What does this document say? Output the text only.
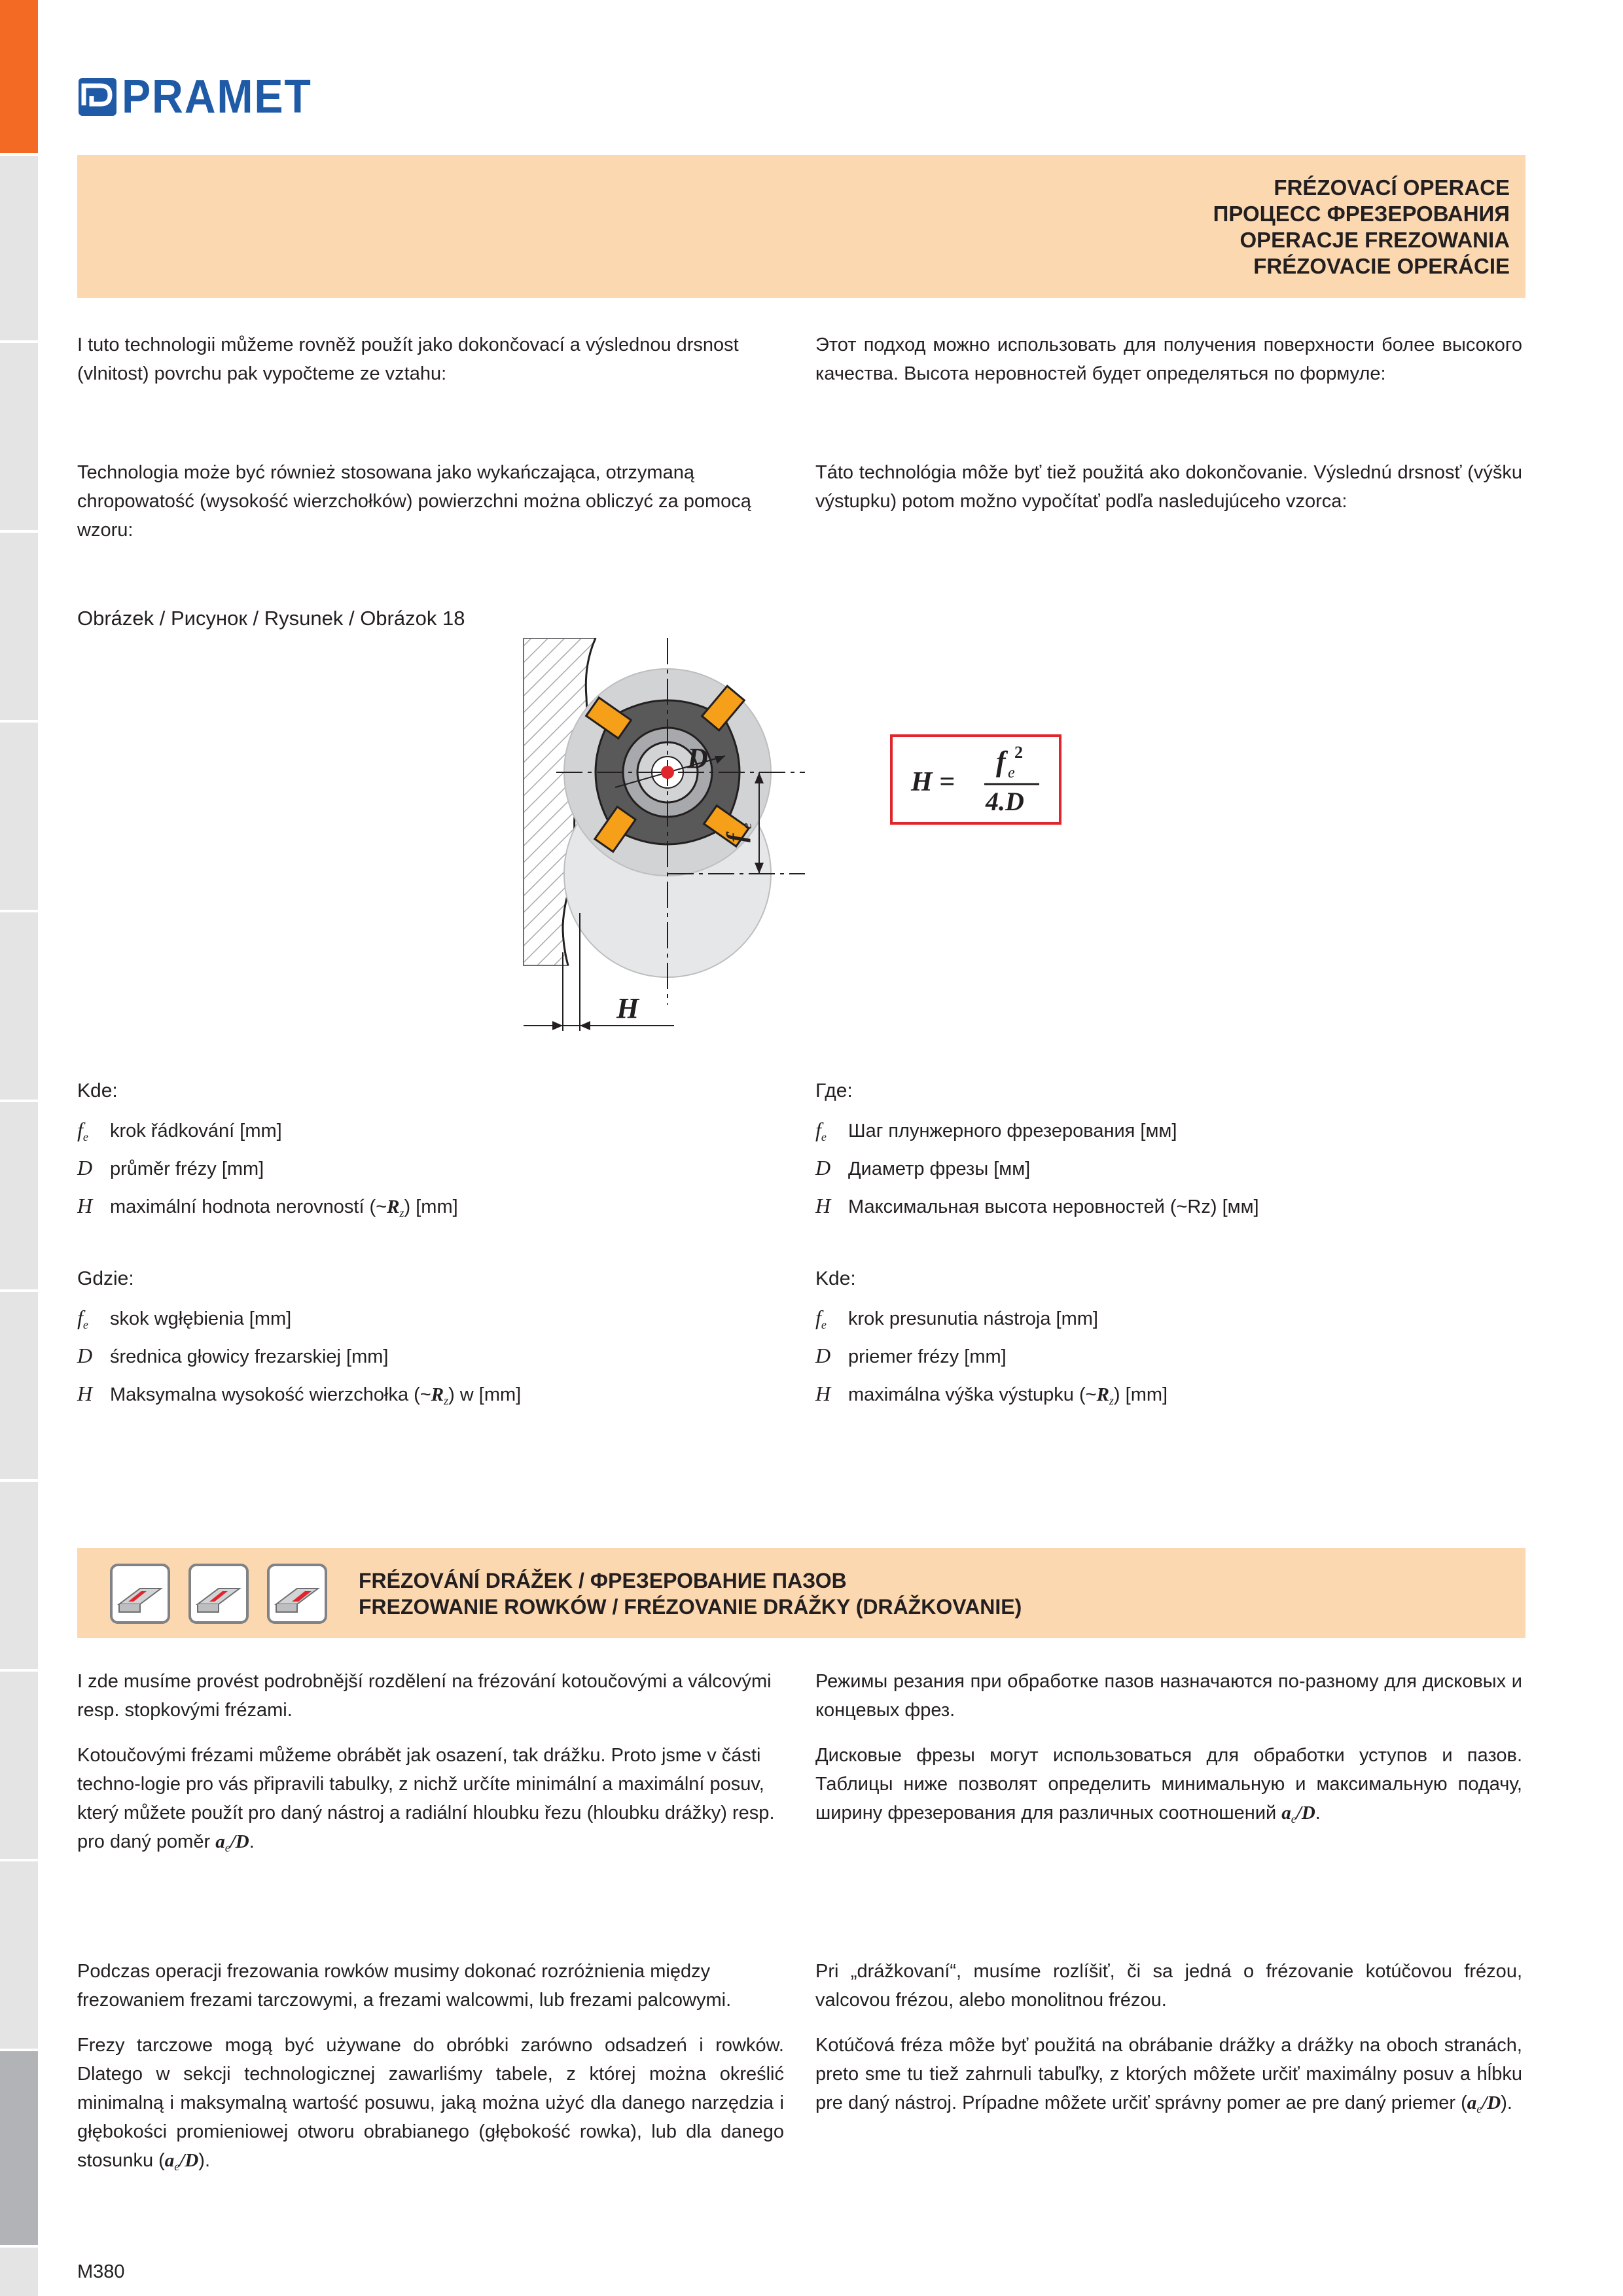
PRAMET
FRÉZOVACÍ OPERACE
ПРОЦЕСС ФРЕЗЕРОВАНИЯ
OPERACJE FREZOWANIA
FRÉZOVACIE OPERÁCIE
I tuto technologii můžeme rovněž použít jako dokončovací a výslednou drsnost (vlnitost) povrchu pak vypočteme ze vztahu:
Этот подход можно использовать для получения поверхности более высокого качества. Высота неровностей будет определяться по формуле:
Technologia może być również stosowana jako wykańczająca, otrzymaną chropowatość (wysokość wierzchołków) powierzchni można obliczyć za pomocą wzoru:
Táto technológia môže byť tiež použitá ako dokončovanie. Výslednú drsnosť (výšku výstupku) potom možno vypočítať podľa nasledujúceho vzorca:
Obrázek / Рисунок / Rysunek / Obrázok 18
D
f
e
H
H =
f e
2
4.D
Kde:
$f_e$	krok řádkování [mm]
D průměr frézy [mm]
H maximální hodnota nerovností $(\sim R_z)$ [mm]
Где:
$f_e$	Шаг плунжерного фрезерования [мм]
D Диаметр фрезы [мм]
H Максимальная высота неровностей (~Rz) [мм]
Gdzie:
$f_e$	skok wgłębienia [mm]
D średnica głowicy frezarskiej [mm]
H Maksymalna wysokość wierzchołka $(\sim R_z)$ w [mm]
Kde:
$f_e$	krok presunutia nástroja [mm]
D priemer frézy [mm]
H maximálna výška výstupku $(\sim R_z)$ [mm]
FRÉZOVÁNÍ DRÁŽEK / ФРЕЗЕРОВАНИЕ ПАЗОВ
FREZOWANIE ROWKÓW / FRÉZOVANIE DRÁŽKY (DRÁŽKOVANIE)
I zde musíme provést podrobnější rozdělení na frézování kotoučovými a válcovými resp. stopkovými frézami.
Kotoučovými frézami můžeme obrábět jak osazení, tak drážku. Proto jsme v části techno-logie pro vás připravili tabulky, z nichž určíte minimální a maximální posuv, který můžete použít pro daný nástroj a radiální hloubku řezu (hloubku drážky) resp. pro daný poměr $a_e/D$.
Режимы резания при обработке пазов назначаются по-разному для дисковых и концевых фрез.
Дисковые фрезы могут использоваться для обработки уступов и пазов. Таблицы ниже позволят определить минимальную и максимальную подачу, ширину фрезерования для различных соотношений $a_e/D$.
Podczas operacji frezowania rowków musimy dokonać rozróżnienia między frezowaniem frezami tarczowymi, a frezami walcowmi, lub frezami palcowymi.
Frezy tarczowe mogą być używane do obróbki zarówno odsadzeń i rowków. Dlatego w sekcji technologicznej zawarliśmy tabele, z której można określić minimalną i maksymalną wartość posuwu, jaką można użyć dla danego narzędzia i głębokości promieniowej otworu obrabianego (głębokość rowka), lub dla danego stosunku $(a_e/D)$.
Pri „drážkovaní“, musíme rozlíšiť, či sa jedná o frézovanie kotúčovou frézou, valcovou frézou, alebo monolitnou frézou.
Kotúčová fréza môže byť použitá na obrábanie drážky a drážky na oboch stranách, preto sme tu tiež zahrnuli tabuľky, z ktorých môžete určiť maximálny posuv a hĺbku pre daný nástroj. Prípadne môžete určiť správny pomer ae pre daný priemer $(a_e/D)$.
M380
